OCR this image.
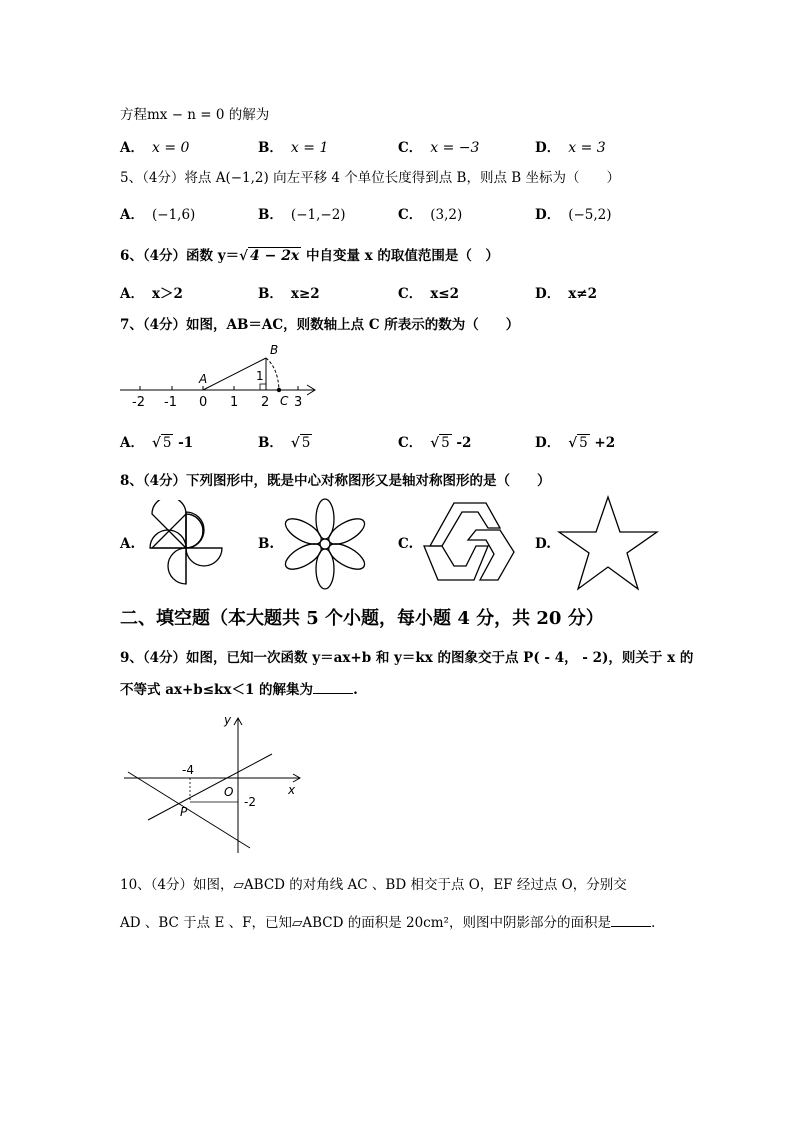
方程mx − n = 0 的解为
A． x = 0	B． x = 1	C． x = −3	D． x = 3
5、（4分）将点 A(−1,2) 向左平移 4 个单位长度得到点 B，则点 B 坐标为（　　）
A． (−1,6)	B． (−1,−2)	C． (3,2)	D． (−5,2)
6、（4分）函数 y＝√ 4 − 2x 中自变量 x 的取值范围是（　）
A． x＞2	B． x≥2	C． x≤2	D． x≠2
7、（4分）如图，AB＝AC，则数轴上点 C 所表示的数为（　　）
-2 -1 0 1 2 3
A
B
C
1
A． √ 5 -1	B． √ 5	C． √ 5 -2	D． √ 5 +2
8、（4分）下列图形中，既是中心对称图形又是轴对称图形的是（　　）
A.	B.	C.	D.
二、填空题（本大题共 5 个小题，每小题 4 分，共 20 分）
9、（4分）如图，已知一次函数 y＝ax+b 和 y＝kx 的图象交于点 P( - 4， - 2)，则关于 x 的
不等式 ax+b≤kx＜1 的解集为	.
-4
-2
O
P
x
y
10、（4分）如图，▱ABCD 的对角线 AC 、BD 相交于点 O，EF 经过点 O，分别交
AD 、BC 于点 E 、F，已知▱ABCD 的面积是 20cm²，则图中阴影部分的面积是	.
